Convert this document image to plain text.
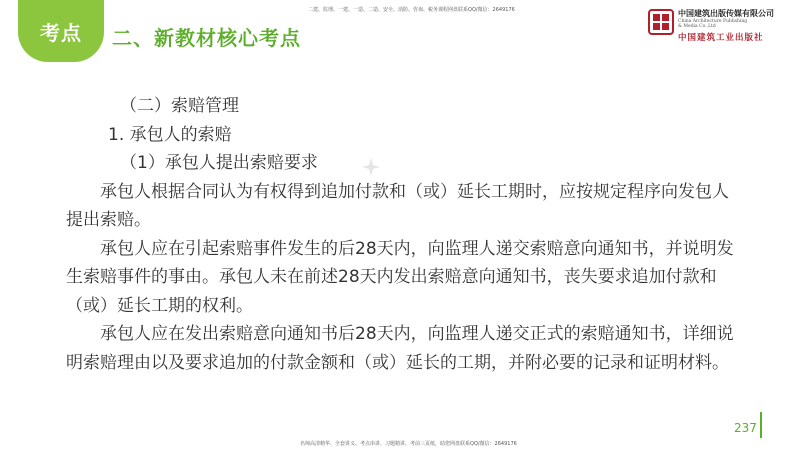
考点 二、新教材核心考点
二建、监理、一建、一造、二造、安全、消防、咨询、税务课程网盘联系QQ/微信：2649176	中国建筑出版传媒有限公司
China Architecture Publishing & Media Co.,Ltd
中国建筑工业出版社

（二）索赔管理

1. 承包人的索赔

（1）承包人提出索赔要求

承包人根据合同认为有权得到追加付款和（或）延长工期时，应按规定程序向发包人提出索赔。

承包人应在引起索赔事件发生的后28天内，向监理人递交索赔意向通知书，并说明发生索赔事件的事由。承包人未在前述28天内发出索赔意向通知书，丧失要求追加付款和（或）延长工期的权利。

承包人应在发出索赔意向通知书后28天内，向监理人递交正式的索赔通知书，详细说明索赔理由以及要求追加的付款金额和（或）延长的工期，并附必要的记录和证明材料。

237
名师高清精华、全套讲义、考点串讲、习题精讲、考前三页纸，助您网盘联系QQ/微信：2649176
